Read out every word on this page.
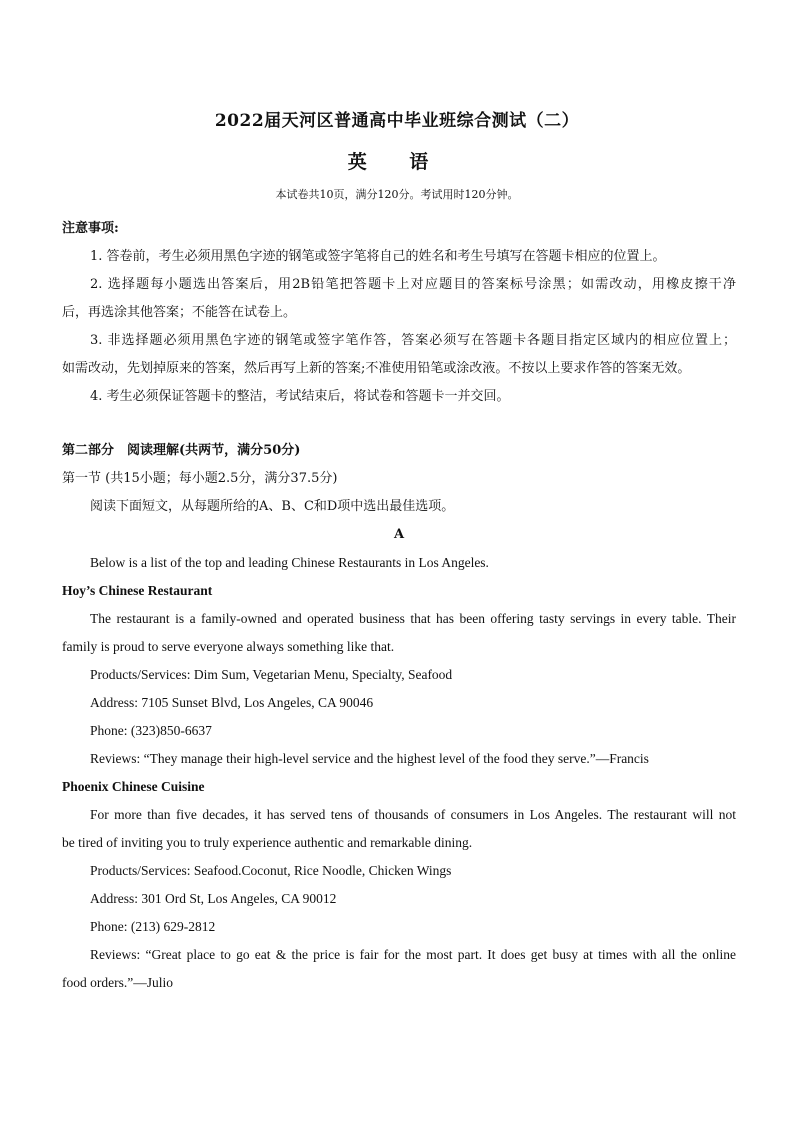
2022届天河区普通高中毕业班综合测试（二）
英 语
本试卷共10页，满分120分。考试用时120分钟。
注意事项:
1. 答卷前，考生必须用黑色字迹的钢笔或签字笔将自己的姓名和考生号填写在答题卡相应的位置上。
2. 选择题每小题选出答案后，用2B铅笔把答题卡上对应题目的答案标号涂黑；如需改动，用橡皮擦干净
后，再选涂其他答案；不能答在试卷上。
3. 非选择题必须用黑色字迹的钢笔或签字笔作答，答案必须写在答题卡各题目指定区域内的相应位置上；
如需改动，先划掉原来的答案，然后再写上新的答案;不准使用铅笔或涂改液。不按以上要求作答的答案无效。
4. 考生必须保证答题卡的整洁，考试结束后，将试卷和答题卡一并交回。
第二部分　阅读理解(共两节，满分50分)
第一节 (共15小题；每小题2.5分，满分37.5分)
阅读下面短文，从每题所给的A、B、C和D项中选出最佳选项。
A
Below is a list of the top and leading Chinese Restaurants in Los Angeles.
Hoy’s Chinese Restaurant
The restaurant is a family-owned and operated business that has been offering tasty servings in every table. Their
family is proud to serve everyone always something like that.
Products/Services: Dim Sum, Vegetarian Menu, Specialty, Seafood
Address: 7105 Sunset Blvd, Los Angeles, CA 90046
Phone: (323)850-6637
Reviews: “They manage their high-level service and the highest level of the food they serve.”—Francis
Phoenix Chinese Cuisine
For more than five decades, it has served tens of thousands of consumers in Los Angeles. The restaurant will not
be tired of inviting you to truly experience authentic and remarkable dining.
Products/Services: Seafood.Coconut, Rice Noodle, Chicken Wings
Address: 301 Ord St, Los Angeles, CA 90012
Phone: (213) 629-2812
Reviews: “Great place to go eat & the price is fair for the most part. It does get busy at times with all the online
food orders.”—Julio
